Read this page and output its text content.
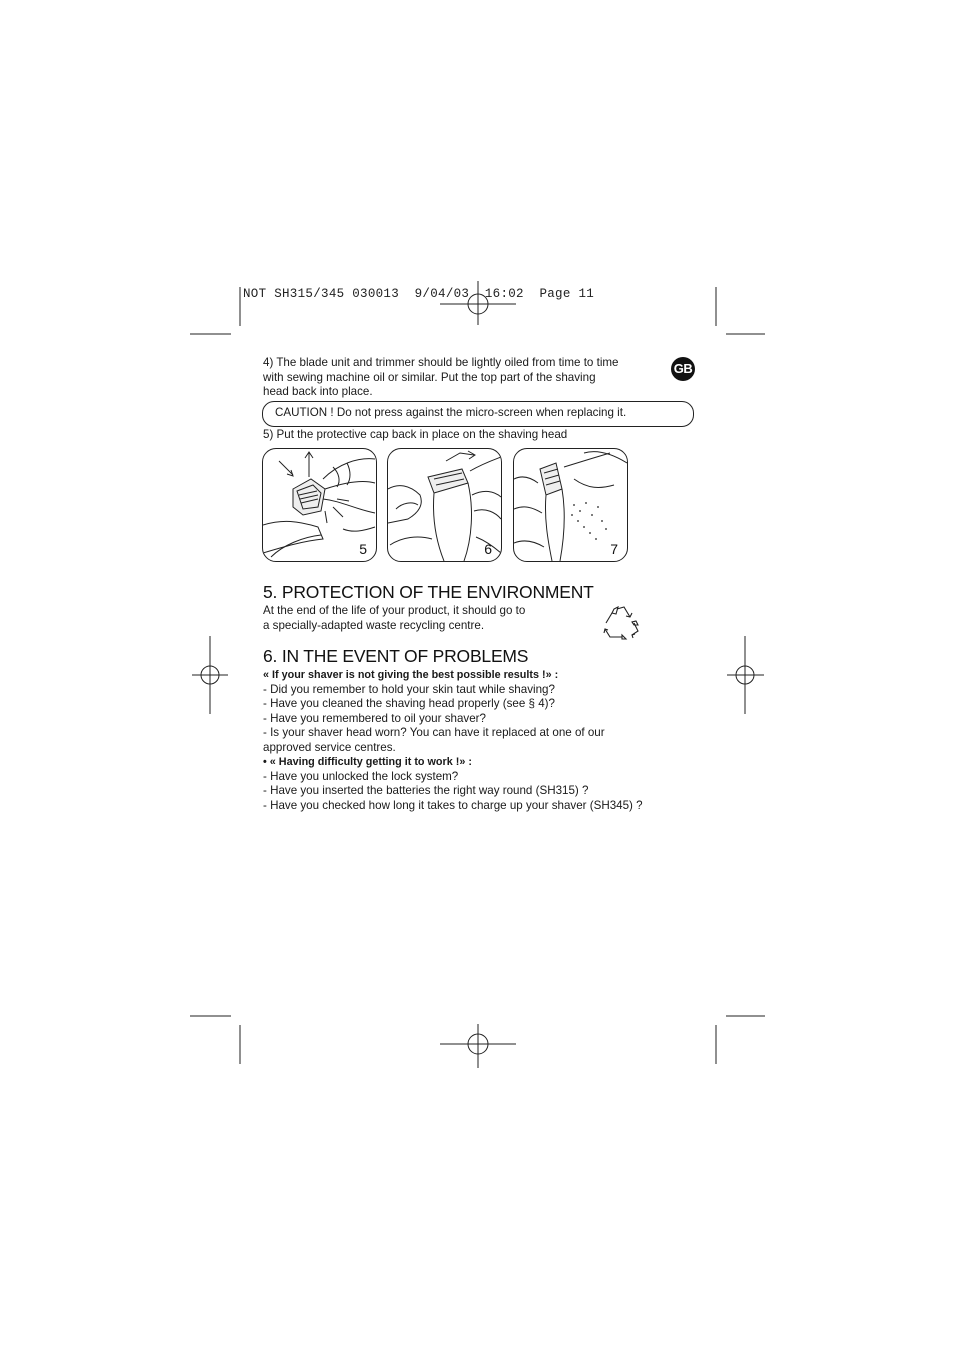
NOT SH315/345 030013  9/04/03  16:02  Page 11
4) The blade unit and trimmer should be lightly oiled from time to time
with sewing machine oil or similar. Put the top part of the shaving
head back into place.
GB
CAUTION ! Do not press against the micro-screen when replacing it.
5) Put the protective cap back in place on the shaving head
5	6	7
5. PROTECTION OF THE ENVIRONMENT
At the end of the life of your product, it should go to
a specially-adapted waste recycling centre.
6. IN THE EVENT OF PROBLEMS
« If your shaver is not giving the best possible results !» :
- Did you remember to hold your skin taut while shaving?
- Have you cleaned the shaving head properly (see § 4)?
- Have you remembered to oil your shaver?
- Is your shaver head worn? You can have it replaced at one of our
approved service centres.
• « Having difficulty getting it to work !» :
- Have you unlocked the lock system?
- Have you inserted the batteries the right way round (SH315) ?
- Have you checked how long it takes to charge up your shaver (SH345) ?
